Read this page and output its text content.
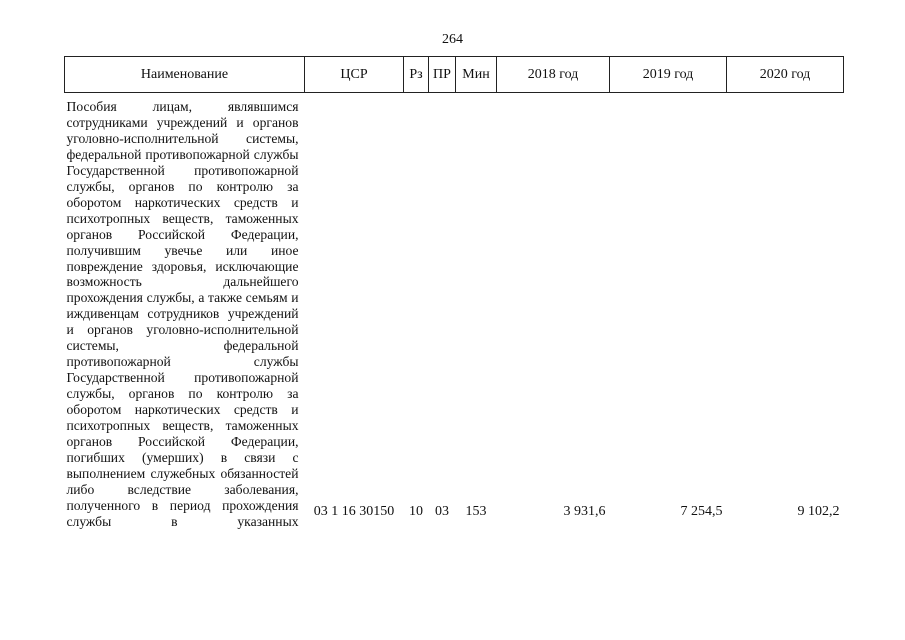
264
Наименование	ЦСР	Рз	ПР	Мин	2018 год	2019 год	2020 год
Пособия лицам, являвшимся сотрудниками учреждений и органов уголовно-исполнительной системы, федеральной противопожарной службы Государственной противопожарной службы, органов по контролю за оборотом наркотических средств и психотропных веществ, таможенных органов Российской Федерации, получившим увечье или иное повреждение здоровья, исключающие возможность дальнейшего прохождения службы, а также семьям и иждивенцам сотрудников учреждений и органов уголовно-исполнительной системы, федеральной противопожарной службы Государственной противопожарной службы, органов по контролю за оборотом наркотических средств и психотропных веществ, таможенных органов Российской Федерации, погибших (умерших) в связи с выполнением служебных обязанностей либо вследствие заболевания, полученного в период прохождения службы в указанных	03 1 16 30150	10	03	153	3 931,6	7 254,5	9 102,2
